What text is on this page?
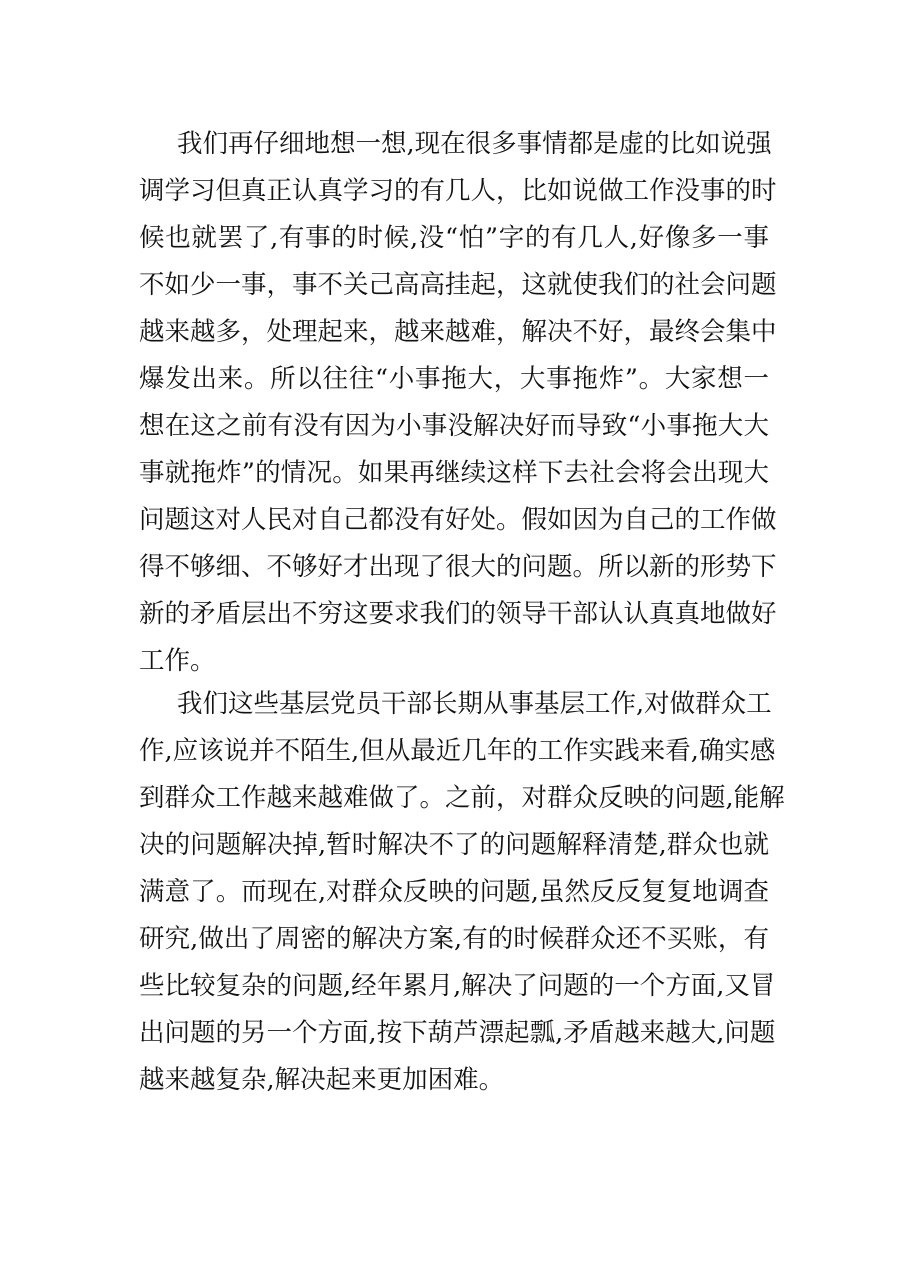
我们再仔细地想一想,现在很多事情都是虚的比如说强
调学习但真正认真学习的有几人，比如说做工作没事的时
候也就罢了,有事的时候,没“怕”字的有几人,好像多一事
不如少一事，事不关己高高挂起，这就使我们的社会问题
越来越多，处理起来，越来越难，解决不好，最终会集中
爆发出来。所以往往“小事拖大，大事拖炸”。大家想一
想在这之前有没有因为小事没解决好而导致“小事拖大大
事就拖炸”的情况。如果再继续这样下去社会将会出现大
问题这对人民对自己都没有好处。假如因为自己的工作做
得不够细、不够好才出现了很大的问题。所以新的形势下
新的矛盾层出不穷这要求我们的领导干部认认真真地做好
工作。
我们这些基层党员干部长期从事基层工作,对做群众工
作,应该说并不陌生,但从最近几年的工作实践来看,确实感
到群众工作越来越难做了。之前，对群众反映的问题,能解
决的问题解决掉,暂时解决不了的问题解释清楚,群众也就
满意了。而现在,对群众反映的问题,虽然反反复复地调查
研究,做出了周密的解决方案,有的时候群众还不买账，有
些比较复杂的问题,经年累月,解决了问题的一个方面,又冒
出问题的另一个方面,按下葫芦漂起瓢,矛盾越来越大,问题
越来越复杂,解决起来更加困难。
